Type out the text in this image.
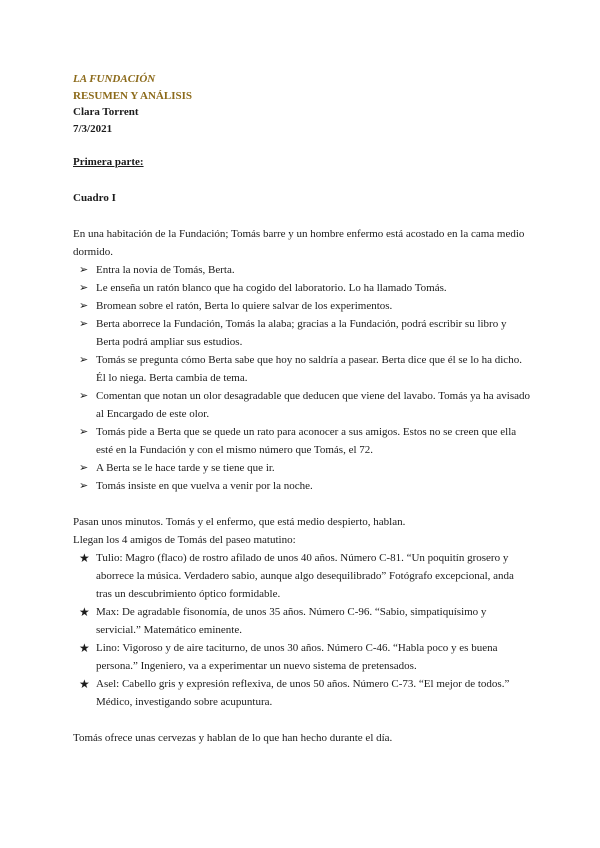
LA FUNDACIÓN
RESUMEN Y ANÁLISIS
Clara Torrent
7/3/2021
Primera parte:
Cuadro I
En una habitación de la Fundación; Tomás barre y un hombre enfermo está acostado en la cama medio dormido.
➢ Entra la novia de Tomás, Berta.
➢ Le enseña un ratón blanco que ha cogido del laboratorio. Lo ha llamado Tomás.
➢ Bromean sobre el ratón, Berta lo quiere salvar de los experimentos.
➢ Berta aborrece la Fundación, Tomás la alaba; gracias a la Fundación, podrá escribir su libro y Berta podrá ampliar sus estudios.
➢ Tomás se pregunta cómo Berta sabe que hoy no saldría a pasear. Berta dice que él se lo ha dicho. Él lo niega. Berta cambia de tema.
➢ Comentan que notan un olor desagradable que deducen que viene del lavabo. Tomás ya ha avisado al Encargado de este olor.
➢ Tomás pide a Berta que se quede un rato para aconocer a sus amigos. Estos no se creen que ella esté en la Fundación y con el mismo número que Tomás, el 72.
➢ A Berta se le hace tarde y se tiene que ir.
➢ Tomás insiste en que vuelva a venir por la noche.
Pasan unos minutos. Tomás y el enfermo, que está medio despierto, hablan.
Llegan los 4 amigos de Tomás del paseo matutino:
★ Tulio: Magro (flaco) de rostro afilado de unos 40 años. Número C-81. “Un poquitín grosero y aborrece la música. Verdadero sabio, aunque algo desequilibrado” Fotógrafo excepcional, anda tras un descubrimiento óptico formidable.
★ Max: De agradable fisonomía, de unos 35 años. Número C-96. “Sabio, simpatiquísimo y servicial.” Matemático eminente.
★ Lino: Vigoroso y de aire taciturno, de unos 30 años. Número C-46. “Habla poco y es buena persona.” Ingeniero, va a experimentar un nuevo sistema de pretensados.
★ Asel: Cabello gris y expresión reflexiva, de unos 50 años. Número C-73. “El mejor de todos.” Médico, investigando sobre acupuntura.
Tomás ofrece unas cervezas y hablan de lo que han hecho durante el día.
